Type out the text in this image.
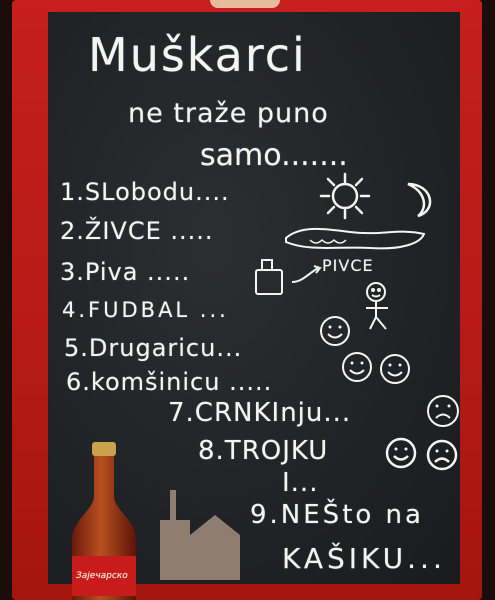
Muškarci
ne traže puno
samo.......
1.SLobodu....
2.ŽIVCE .....
3.Piva .....
4.FUDBAL ...
5.Drugaricu...
6.komšinicu .....
7.CRNKInju...
8.TROJKU
I...
9.NEŠto na
KAŠIKU...
PIVCE
Зајечарско
